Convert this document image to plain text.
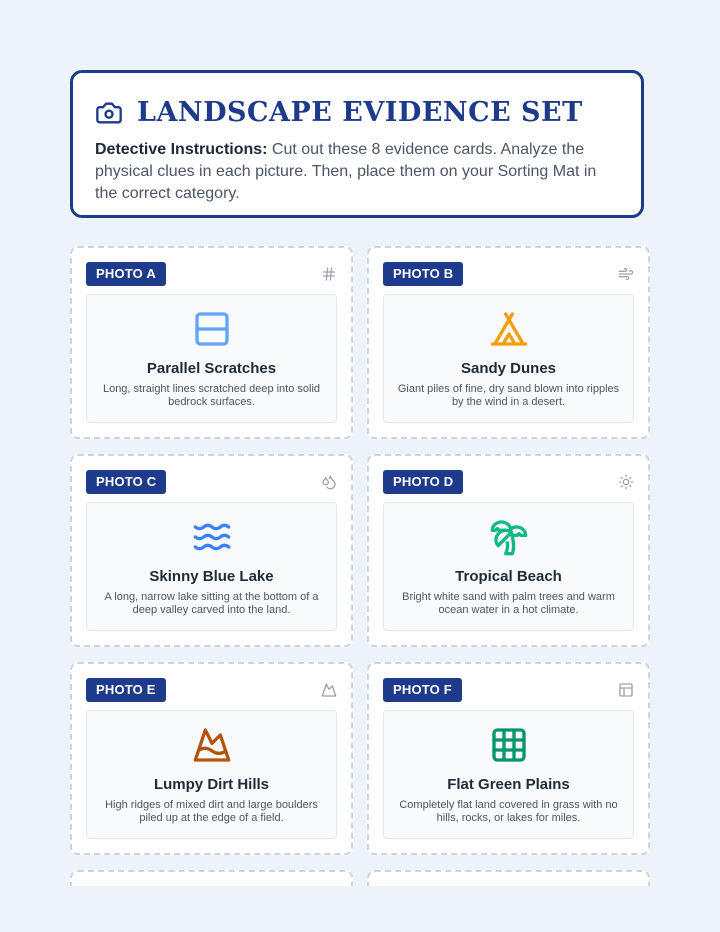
LANDSCAPE EVIDENCE SET
Detective Instructions: Cut out these 8 evidence cards. Analyze the physical clues in each picture. Then, place them on your Sorting Mat in the correct category.
PHOTO A
Parallel Scratches
Long, straight lines scratched deep into solid bedrock surfaces.
PHOTO B
Sandy Dunes
Giant piles of fine, dry sand blown into ripples by the wind in a desert.
PHOTO C
Skinny Blue Lake
A long, narrow lake sitting at the bottom of a deep valley carved into the land.
PHOTO D
Tropical Beach
Bright white sand with palm trees and warm ocean water in a hot climate.
PHOTO E
Lumpy Dirt Hills
High ridges of mixed dirt and large boulders piled up at the edge of a field.
PHOTO F
Flat Green Plains
Completely flat land covered in grass with no hills, rocks, or lakes for miles.
